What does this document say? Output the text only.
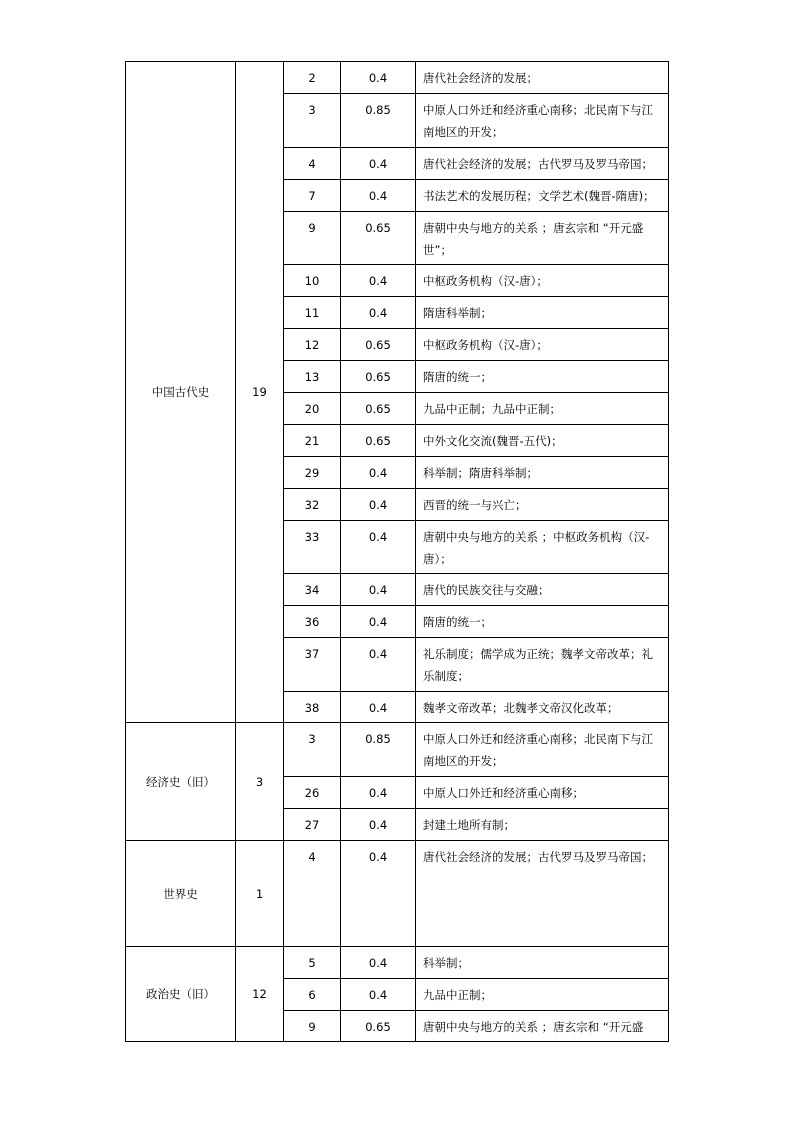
中国古代史	19	2	0.4	唐代社会经济的发展；
		3	0.85	中原人口外迁和经济重心南移；北民南下与江南地区的开发；
		4	0.4	唐代社会经济的发展；古代罗马及罗马帝国；
		7	0.4	书法艺术的发展历程；文学艺术(魏晋-隋唐)；
		9	0.65	唐朝中央与地方的关系 ；唐玄宗和 “开元盛世”；
		10	0.4	中枢政务机构（汉-唐）；
		11	0.4	隋唐科举制；
		12	0.65	中枢政务机构（汉-唐）；
		13	0.65	隋唐的统一；
		20	0.65	九品中正制；九品中正制；
		21	0.65	中外文化交流(魏晋-五代)；
		29	0.4	科举制；隋唐科举制；
		32	0.4	西晋的统一与兴亡；
		33	0.4	唐朝中央与地方的关系 ；中枢政务机构（汉-唐）；
		34	0.4	唐代的民族交往与交融；
		36	0.4	隋唐的统一；
		37	0.4	礼乐制度；儒学成为正统；魏孝文帝改革；礼乐制度；
		38	0.4	魏孝文帝改革；北魏孝文帝汉化改革；
经济史（旧）	3	3	0.85	中原人口外迁和经济重心南移；北民南下与江南地区的开发；
		26	0.4	中原人口外迁和经济重心南移；
		27	0.4	封建土地所有制；
世界史	1	4	0.4	唐代社会经济的发展；古代罗马及罗马帝国；
政治史（旧）	12	5	0.4	科举制；
		6	0.4	九品中正制；
		9	0.65	唐朝中央与地方的关系 ；唐玄宗和 “开元盛
